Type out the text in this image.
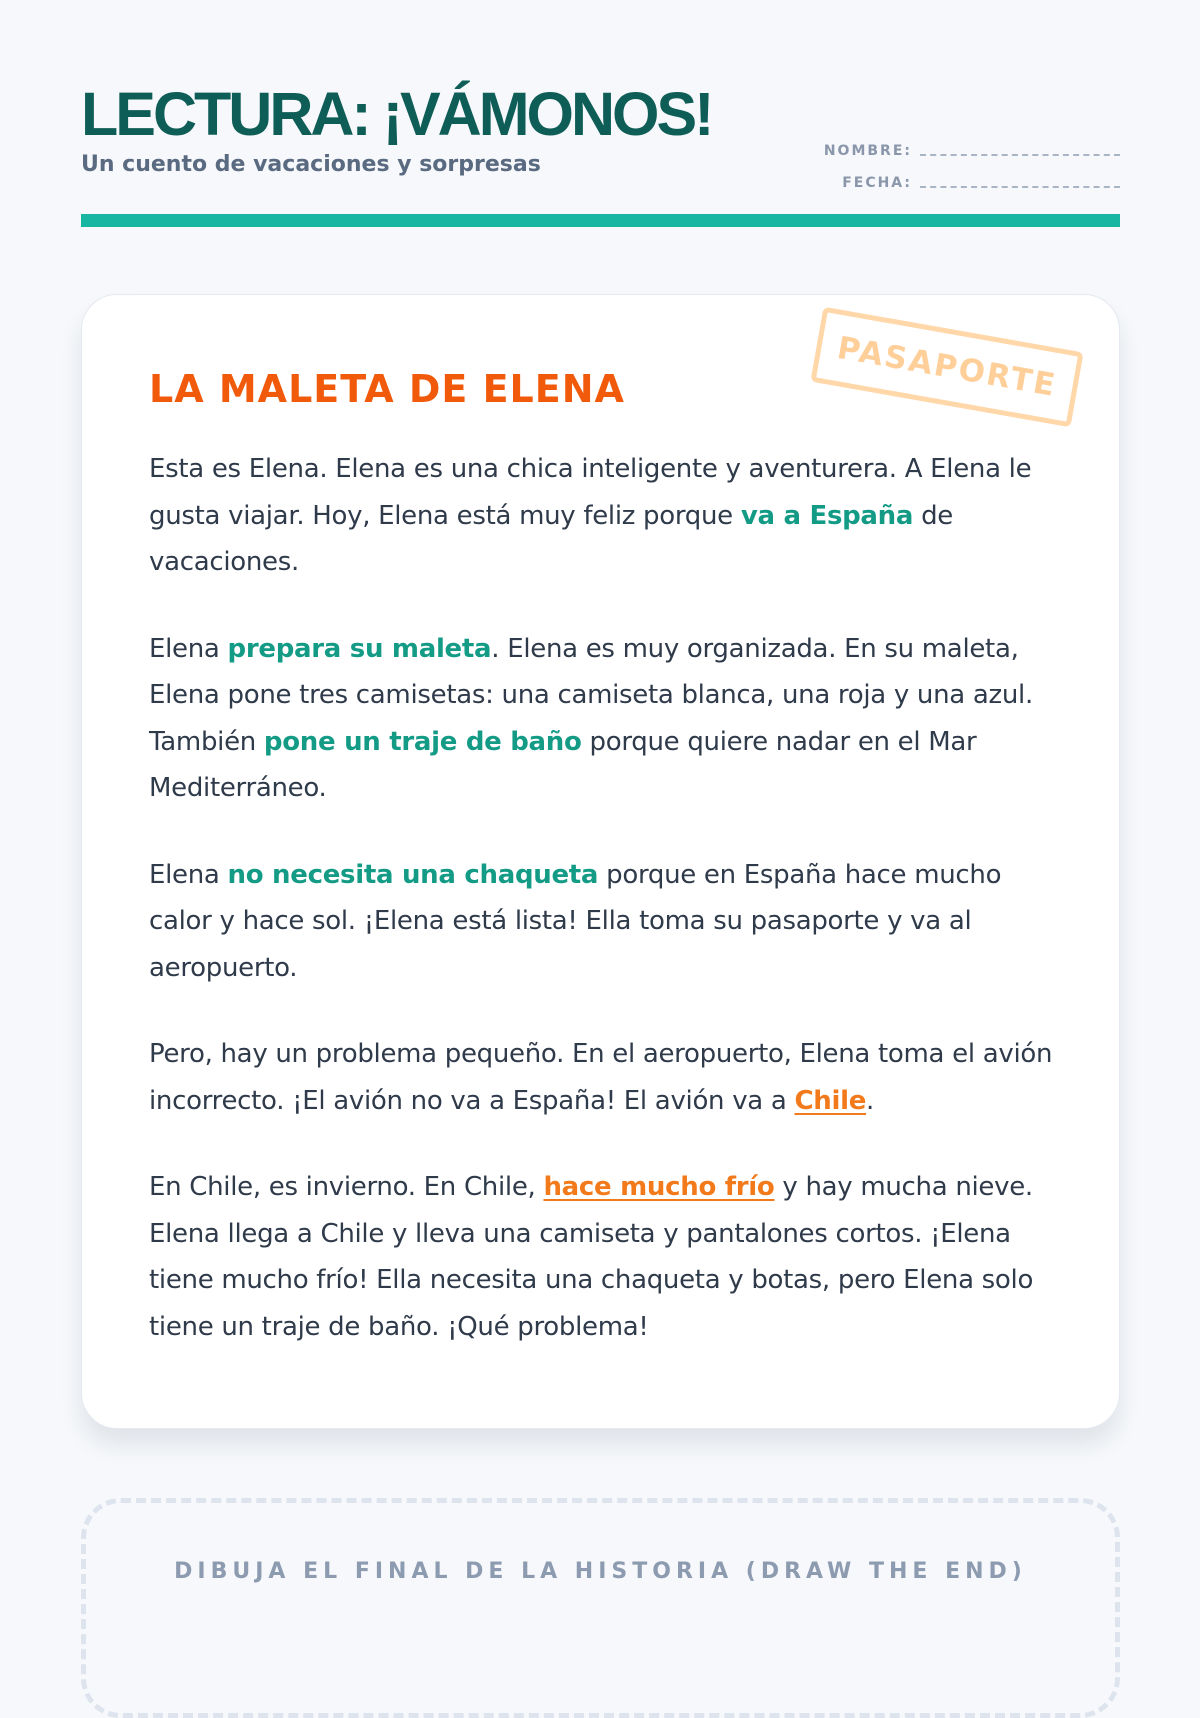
LECTURA: ¡VÁMONOS!
Un cuento de vacaciones y sorpresas
NOMBRE:
FECHA:
PASAPORTE
LA MALETA DE ELENA

Esta es Elena. Elena es una chica inteligente y aventurera. A Elena le gusta viajar. Hoy, Elena está muy feliz porque va a España de vacaciones.

Elena prepara su maleta. Elena es muy organizada. En su maleta, Elena pone tres camisetas: una camiseta blanca, una roja y una azul. También pone un traje de baño porque quiere nadar en el Mar Mediterráneo.

Elena no necesita una chaqueta porque en España hace mucho calor y hace sol. ¡Elena está lista! Ella toma su pasaporte y va al aeropuerto.

Pero, hay un problema pequeño. En el aeropuerto, Elena toma el avión incorrecto. ¡El avión no va a España! El avión va a Chile.

En Chile, es invierno. En Chile, hace mucho frío y hay mucha nieve. Elena llega a Chile y lleva una camiseta y pantalones cortos. ¡Elena tiene mucho frío! Ella necesita una chaqueta y botas, pero Elena solo tiene un traje de baño. ¡Qué problema!

DIBUJA EL FINAL DE LA HISTORIA (DRAW THE END)
